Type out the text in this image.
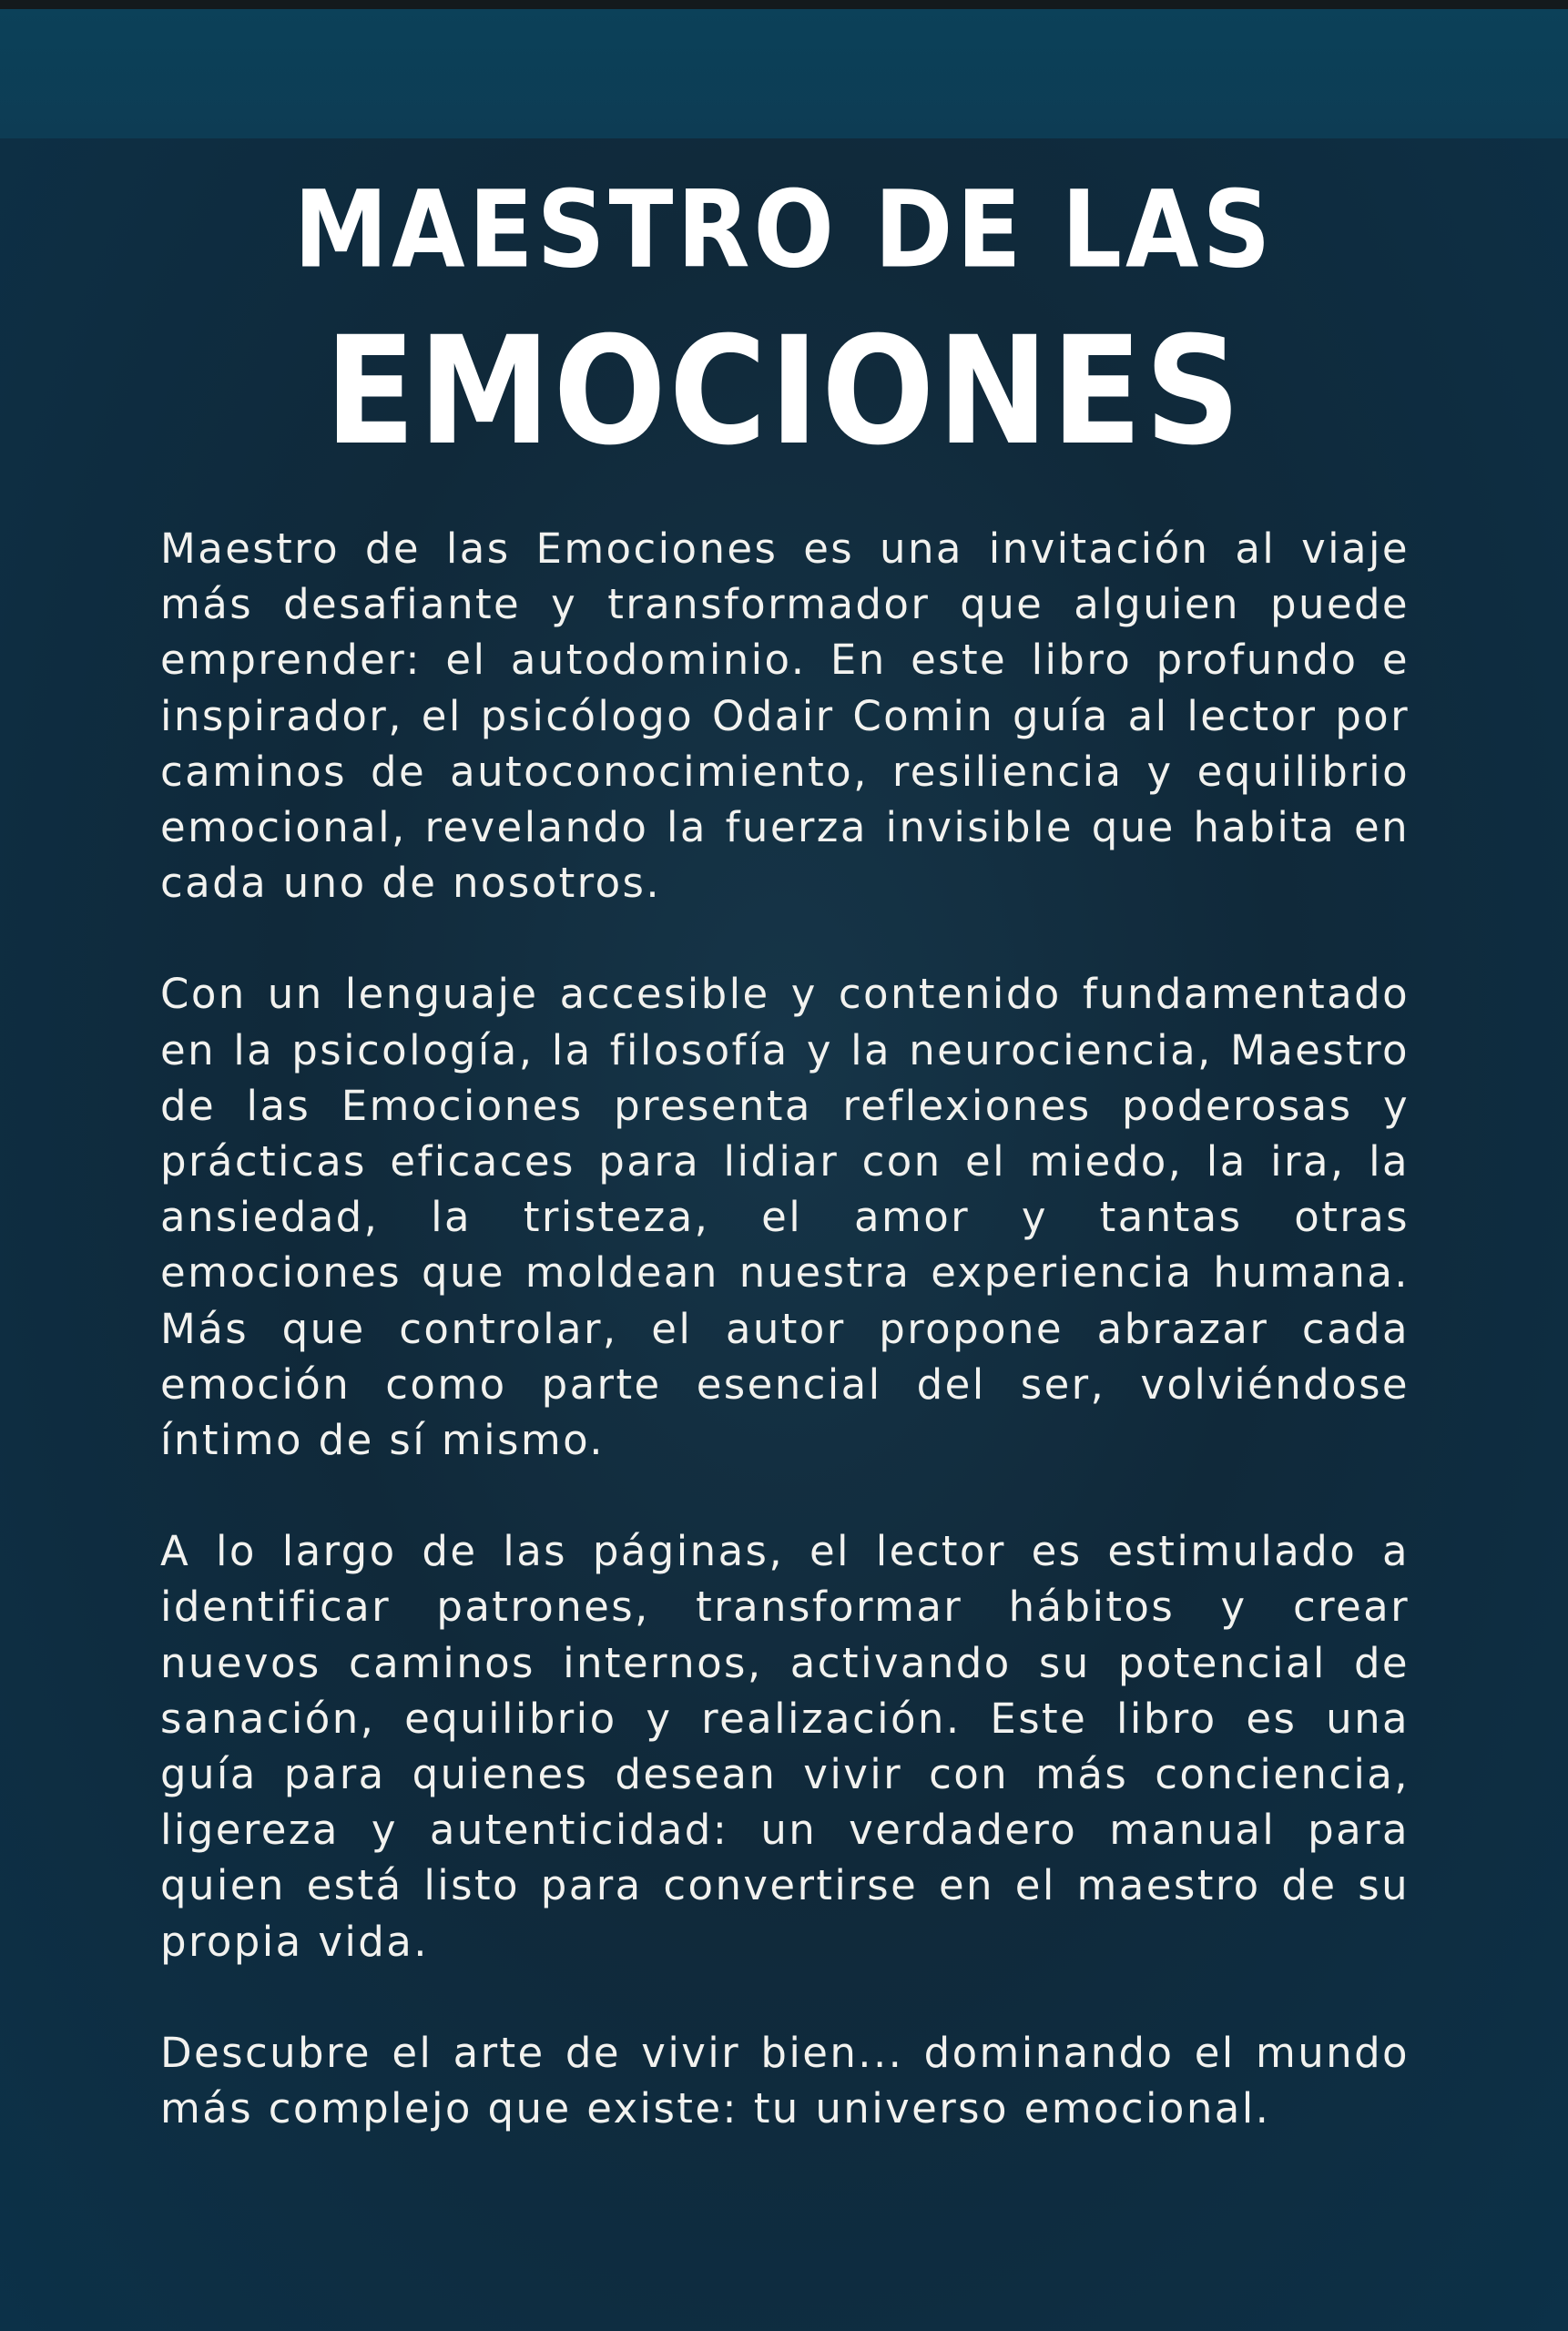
MAESTRO DE LAS
EMOCIONES

Maestro de las Emociones es una invitación al viaje más desafiante y transformador que alguien puede emprender: el autodominio. En este libro profundo e inspirador, el psicólogo Odair Comin guía al lector por caminos de autoconocimiento, resiliencia y equilibrio emocional, revelando la fuerza invisible que habita en cada uno de nosotros.

Con un lenguaje accesible y contenido fundamentado en la psicología, la filosofía y la neurociencia, Maestro de las Emociones presenta reflexiones poderosas y prácticas eficaces para lidiar con el miedo, la ira, la ansiedad, la tristeza, el amor y tantas otras emociones que moldean nuestra experiencia humana. Más que controlar, el autor propone abrazar cada emoción como parte esencial del ser, volviéndose íntimo de sí mismo.

A lo largo de las páginas, el lector es estimulado a identificar patrones, transformar hábitos y crear nuevos caminos internos, activando su potencial de sanación, equilibrio y realización. Este libro es una guía para quienes desean vivir con más conciencia, ligereza y autenticidad: un verdadero manual para quien está listo para convertirse en el maestro de su propia vida.

Descubre el arte de vivir bien... dominando el mundo más complejo que existe: tu universo emocional.
